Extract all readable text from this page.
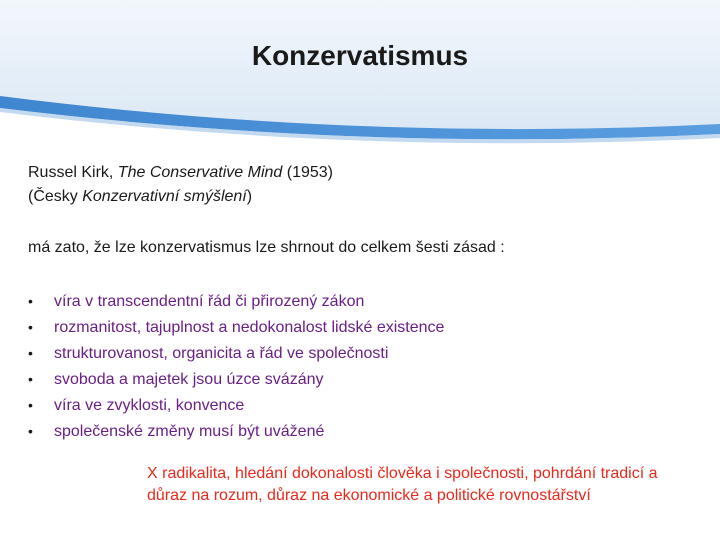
Konzervatismus
Russel Kirk, The Conservative Mind (1953)
(Česky Konzervativní smýšlení)
má zato, že lze konzervatismus lze shrnout do celkem šesti zásad :
•	víra v transcendentní řád či přirozený zákon
•	rozmanitost, tajuplnost a nedokonalost lidské existence
•	strukturovanost, organicita a řád ve společnosti
•	svoboda a majetek jsou úzce svázány
•	víra ve zvyklosti, konvence
•	společenské změny musí být uvážené
X radikalita, hledání dokonalosti člověka i společnosti, pohrdání tradicí a důraz na rozum, důraz na ekonomické a politické rovnostářství
